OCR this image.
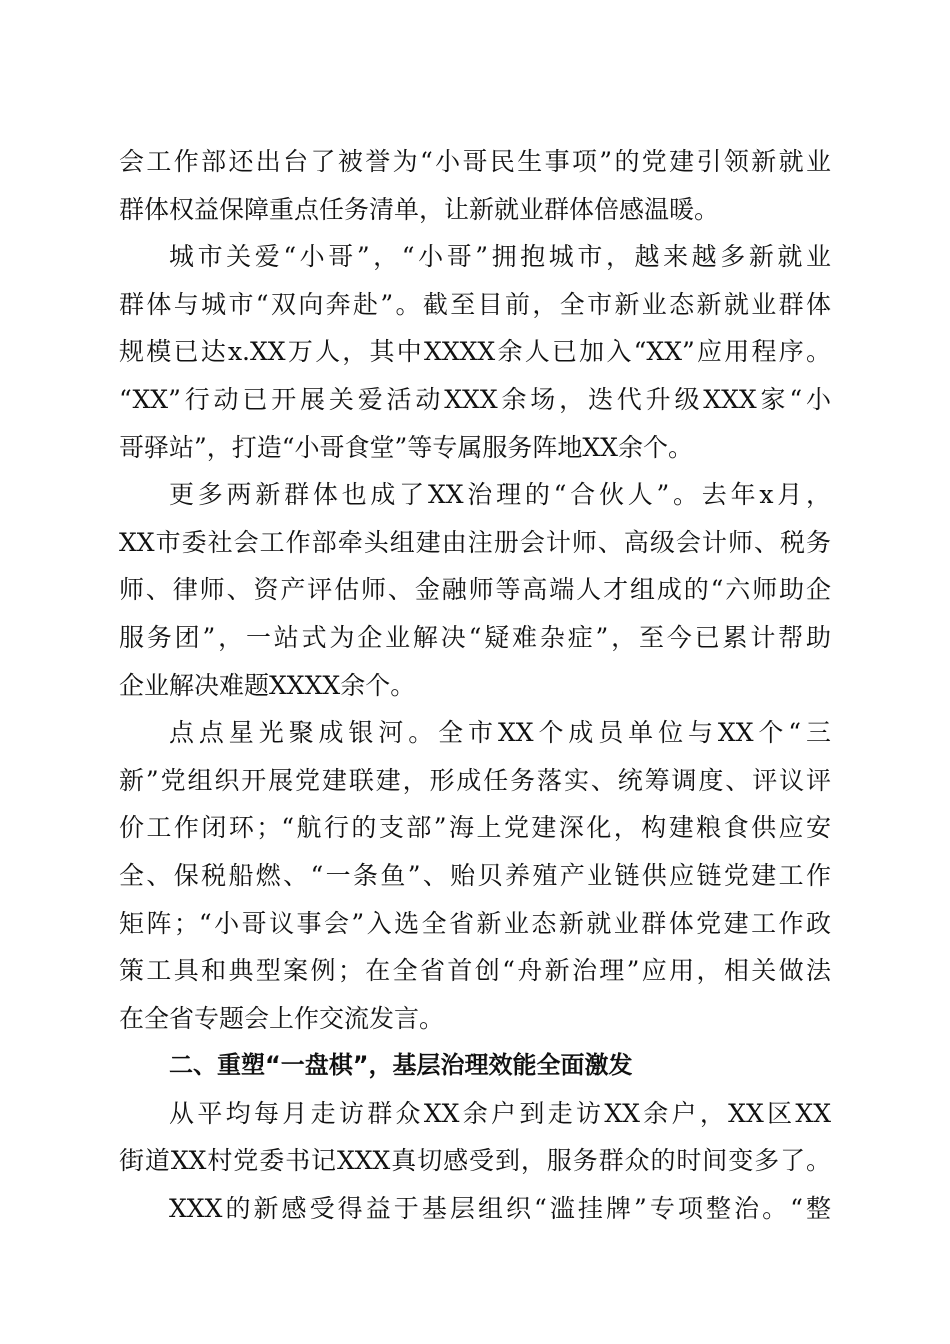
会工作部还出台了被誉为“小哥民生事项”的党建引领新就业
群体权益保障重点任务清单，让新就业群体倍感温暖。
城市关爱“小哥”，“小哥”拥抱城市，越来越多新就业
群体与城市“双向奔赴”。截至目前，全市新业态新就业群体
规模已达x.XX万人，其中XXXX余人已加入“XX”应用程序。
“XX”行动已开展关爱活动XXX余场，迭代升级XXX家“小
哥驿站”，打造“小哥食堂”等专属服务阵地XX余个。
更多两新群体也成了XX治理的“合伙人”。去年x月，
XX市委社会工作部牵头组建由注册会计师、高级会计师、税务
师、律师、资产评估师、金融师等高端人才组成的“六师助企
服务团”，一站式为企业解决“疑难杂症”，至今已累计帮助
企业解决难题XXXX余个。
点点星光聚成银河。全市XX个成员单位与XX个“三
新”党组织开展党建联建，形成任务落实、统筹调度、评议评
价工作闭环；“航行的支部”海上党建深化，构建粮食供应安
全、保税船燃、“一条鱼”、贻贝养殖产业链供应链党建工作
矩阵；“小哥议事会”入选全省新业态新就业群体党建工作政
策工具和典型案例；在全省首创“舟新治理”应用，相关做法
在全省专题会上作交流发言。
二、重塑“一盘棋”，基层治理效能全面激发
从平均每月走访群众XX余户到走访XX余户，XX区XX
街道XX村党委书记XXX真切感受到，服务群众的时间变多了。
XXX的新感受得益于基层组织“滥挂牌”专项整治。“整
